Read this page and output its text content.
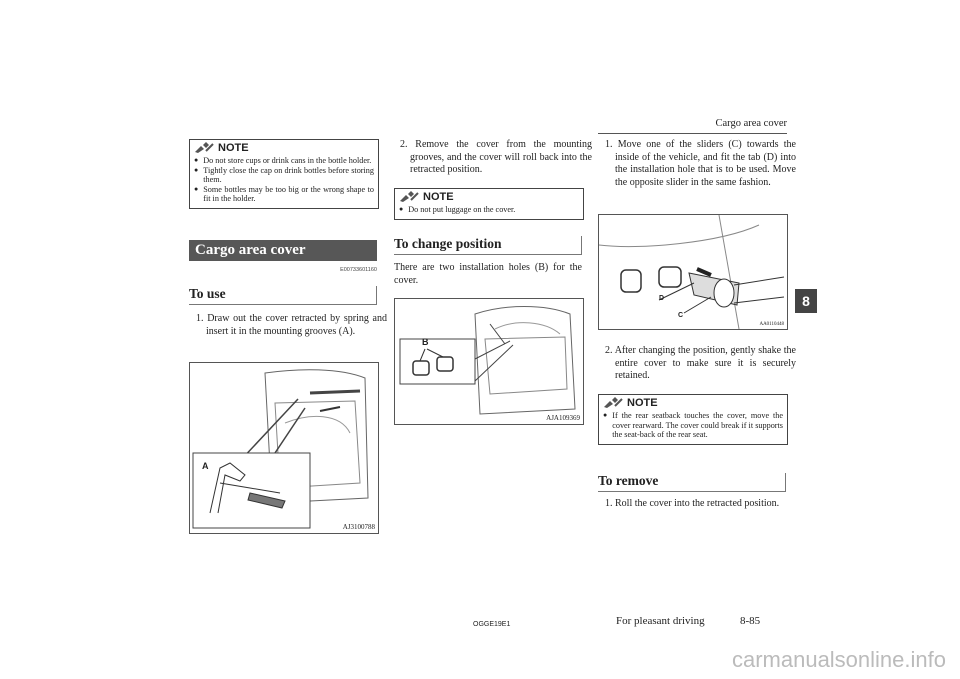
Cargo area cover
8
NOTE
● Do not store cups or drink cans in the bottle holder.
● Tightly close the cap on drink bottles before storing them.
● Some bottles may be too big or the wrong shape to fit in the holder.
Cargo area cover
E00733601160
To use
1. Draw out the cover retracted by spring and insert it in the mounting grooves (A).
A
AJ3100788
2. Remove the cover from the mounting grooves, and the cover will roll back into the retracted position.
NOTE
● Do not put luggage on the cover.
To change position
There are two installation holes (B) for the cover.
B
AJA109369
1. Move one of the sliders (C) towards the inside of the vehicle, and fit the tab (D) into the installation hole that is to be used. Move the opposite slider in the same fashion.
D
C
AA0110448
2. After changing the position, gently shake the entire cover to make sure it is securely retained.
NOTE
● If the rear seatback touches the cover, move the cover rearward. The cover could break if it supports the seat-back of the rear seat.
To remove
1. Roll the cover into the retracted position.
OGGE19E1	For pleasant driving	8-85
carmanualsonline.info
